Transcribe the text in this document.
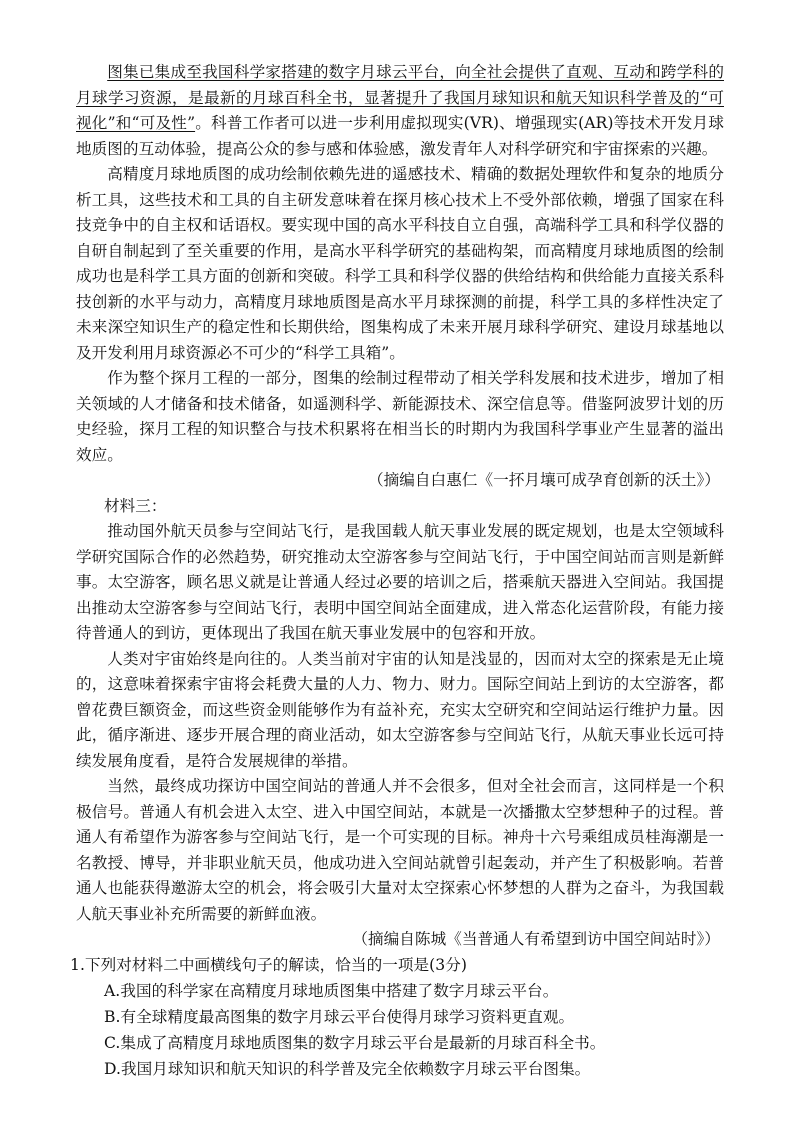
图集已集成至我国科学家搭建的数字月球云平台，向全社会提供了直观、互动和跨学科的月球学习资源，是最新的月球百科全书，显著提升了我国月球知识和航天知识科学普及的“可视化”和“可及性”。科普工作者可以进一步利用虚拟现实(VR)、增强现实(AR)等技术开发月球地质图的互动体验，提高公众的参与感和体验感，激发青年人对科学研究和宇宙探索的兴趣。

高精度月球地质图的成功绘制依赖先进的遥感技术、精确的数据处理软件和复杂的地质分析工具，这些技术和工具的自主研发意味着在探月核心技术上不受外部依赖，增强了国家在科技竞争中的自主权和话语权。要实现中国的高水平科技自立自强，高端科学工具和科学仪器的自研自制起到了至关重要的作用，是高水平科学研究的基础构架，而高精度月球地质图的绘制成功也是科学工具方面的创新和突破。科学工具和科学仪器的供给结构和供给能力直接关系科技创新的水平与动力，高精度月球地质图是高水平月球探测的前提，科学工具的多样性决定了未来深空知识生产的稳定性和长期供给，图集构成了未来开展月球科学研究、建设月球基地以及开发利用月球资源必不可少的“科学工具箱”。

作为整个探月工程的一部分，图集的绘制过程带动了相关学科发展和技术进步，增加了相关领域的人才储备和技术储备，如遥测科学、新能源技术、深空信息等。借鉴阿波罗计划的历史经验，探月工程的知识整合与技术积累将在相当长的时期内为我国科学事业产生显著的溢出效应。

（摘编自白惠仁《一抔月壤可成孕育创新的沃土》）

材料三：

推动国外航天员参与空间站飞行，是我国载人航天事业发展的既定规划，也是太空领域科学研究国际合作的必然趋势，研究推动太空游客参与空间站飞行，于中国空间站而言则是新鲜事。太空游客，顾名思义就是让普通人经过必要的培训之后，搭乘航天器进入空间站。我国提出推动太空游客参与空间站飞行，表明中国空间站全面建成，进入常态化运营阶段，有能力接待普通人的到访，更体现出了我国在航天事业发展中的包容和开放。

人类对宇宙始终是向往的。人类当前对宇宙的认知是浅显的，因而对太空的探索是无止境的，这意味着探索宇宙将会耗费大量的人力、物力、财力。国际空间站上到访的太空游客，都曾花费巨额资金，而这些资金则能够作为有益补充，充实太空研究和空间站运行维护力量。因此，循序渐进、逐步开展合理的商业活动，如太空游客参与空间站飞行，从航天事业长远可持续发展角度看，是符合发展规律的举措。

当然，最终成功探访中国空间站的普通人并不会很多，但对全社会而言，这同样是一个积极信号。普通人有机会进入太空、进入中国空间站，本就是一次播撒太空梦想种子的过程。普通人有希望作为游客参与空间站飞行，是一个可实现的目标。神舟十六号乘组成员桂海潮是一名教授、博导，并非职业航天员，他成功进入空间站就曾引起轰动，并产生了积极影响。若普通人也能获得邀游太空的机会，将会吸引大量对太空探索心怀梦想的人群为之奋斗，为我国载人航天事业补充所需要的新鲜血液。

（摘编自陈城《当普通人有希望到访中国空间站时》）

1.下列对材料二中画横线句子的解读，恰当的一项是(3分)

A.我国的科学家在高精度月球地质图集中搭建了数字月球云平台。

B.有全球精度最高图集的数字月球云平台使得月球学习资料更直观。

C.集成了高精度月球地质图集的数字月球云平台是最新的月球百科全书。

D.我国月球知识和航天知识的科学普及完全依赖数字月球云平台图集。
